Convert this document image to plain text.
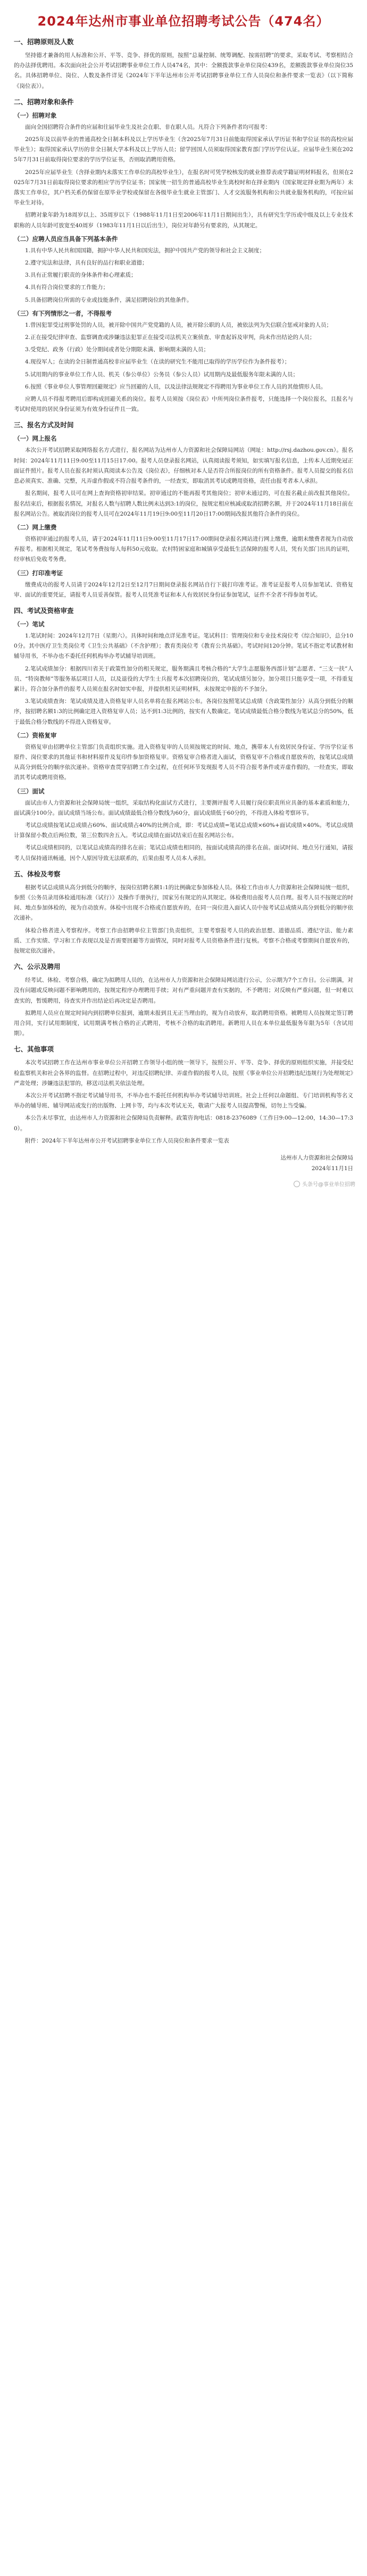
2024年达州市事业单位招聘考试公告（474名）
一、招聘原则及人数
坚持德才兼备的用人标准和公开、平等、竞争、择优的原则，按照“总量控制、统筹调配、按需招聘”的要求，采取考试、考察相结合的办法择优聘用。本次面向社会公开考试招聘事业单位工作人员474名，其中：全额拨款事业单位岗位439名，差额拨款事业单位岗位35名。具体招聘单位、岗位、人数及条件详见《2024年下半年达州市公开考试招聘事业单位工作人员岗位和条件要求一览表》（以下简称《岗位表》）。
二、招聘对象和条件
（一）招聘对象
面向全国招聘符合条件的应届和往届毕业生及社会在职、非在职人员。凡符合下列条件者均可报考：
2025年及以前毕业的普通高校全日制本科及以上学历毕业生（含2025年7月31日前能取得国家承认学历证书和学位证书的高校应届毕业生）；取得国家承认学历的非全日制大学本科及以上学历人员；留学回国人员须取得国家教育部门学历学位认证。应届毕业生须在2025年7月31日前取得岗位要求的学历学位证书，否则取消聘用资格。
2025年应届毕业生（含择业期内未落实工作单位的高校毕业生），在报名时可凭学校核发的就业推荐表或学籍证明材料报名，但须在2025年7月31日前取得岗位要求的相应学历学位证书；国家统一招生的普通高校毕业生离校时和在择业期内（国家规定择业期为两年）未落实工作单位，其户档关系仍保留在原毕业学校或保留在各级毕业生就业主管部门、人才交流服务机构和公共就业服务机构的，可按应届毕业生对待。
招聘对象年龄为18周岁以上、35周岁以下（1988年11月1日至2006年11月1日期间出生），具有研究生学历或中级及以上专业技术职称的人员年龄可放宽至40周岁（1983年11月1日以后出生），岗位对年龄另有要求的，从其规定。
（二）应聘人员应当具备下列基本条件
1.具有中华人民共和国国籍，拥护中华人民共和国宪法，拥护中国共产党的领导和社会主义制度；
2.遵守宪法和法律，具有良好的品行和职业道德；
3.具有正常履行职责的身体条件和心理素质；
4.具有符合岗位要求的工作能力；
5.具备招聘岗位所需的专业或技能条件，满足招聘岗位的其他条件。
（三）有下列情形之一者，不得报考
1.曾因犯罪受过刑事处罚的人员，被开除中国共产党党籍的人员，被开除公职的人员，被依法列为失信联合惩戒对象的人员；
2.正在接受纪律审查、监察调查或涉嫌违法犯罪正在接受司法机关立案侦查、审查起诉及审判，尚未作出结论的人员；
3.受党纪、政务（行政）处分期间或者处分期限未满、影响期未满的人员；
4.现役军人；在读的全日制普通高校非应届毕业生（在读的研究生不能用已取得的学历学位作为条件报考）；
5.试用期内的事业单位工作人员、机关（参公单位）公务员（参公人员）试用期内及最低服务年限未满的人员；
6.按照《事业单位人事管理回避规定》应当回避的人员，以及法律法规规定不得聘用为事业单位工作人员的其他情形人员。
应聘人员不得报考聘用后即构成回避关系的岗位。报考人员须按《岗位表》中所列岗位条件报考，只能选择一个岗位报名，且报名与考试时使用的居民身份证须为有效身份证件且一致。
三、报名方式及时间
（一）网上报名
本次公开考试招聘采取网络报名方式进行，报名网站为达州市人力资源和社会保障局网站（网址：http://rsj.dazhou.gov.cn）。报名时间：2024年11月11日9:00至11月15日17:00。报考人员登录报名网站，认真阅读报考须知，如实填写报名信息，上传本人近期免冠正面证件照片。报考人员在报名时须认真阅读本公告及《岗位表》，仔细核对本人是否符合所报岗位的所有资格条件。报考人员提交的报名信息必须真实、准确、完整，凡弄虚作假或不符合报考条件的，一经查实，即取消其考试或聘用资格，责任由报考者本人承担。
报名期间，报考人员可在网上查询资格初审结果。初审通过的不能再报考其他岗位；初审未通过的，可在报名截止前改报其他岗位。报名结束后，根据报名情况，对报名人数与招聘人数比例未达到3:1的岗位，按规定相应核减或取消招聘名额，并于2024年11月18日前在报名网站公告。被取消岗位的报考人员可在2024年11月19日9:00至11月20日17:00期间改报其他符合条件的岗位。
（二）网上缴费
资格初审通过的报考人员，请于2024年11月11日9:00至11月17日17:00期间登录报名网站进行网上缴费，逾期未缴费者视为自动放弃报考。根据相关规定，笔试考务费按每人每科50元收取。农村特困家庭和城镇享受最低生活保障的报考人员，凭有关部门出具的证明，经审核后免收考务费。
（三）打印准考证
缴费成功的报考人员请于2024年12月2日至12月7日期间登录报名网站自行下载打印准考证。准考证是报考人员参加笔试、资格复审、面试的重要凭证，请报考人员妥善保管。报考人员凭准考证和本人有效居民身份证参加笔试，证件不全者不得参加考试。
四、考试及资格审查
（一）笔试
1.笔试时间：2024年12月7日（星期六）。具体时间和地点详见准考证。笔试科目：管理岗位和专业技术岗位考《综合知识》，总分100分。其中医疗卫生类岗位考《卫生公共基础》（不含护理）；教育类岗位考《教育公共基础》。考试时间120分钟。笔试不指定考试教材和辅导用书，不举办也不委托任何机构举办考试辅导培训班。
2.笔试成绩加分：根据四川省关于政策性加分的相关规定，服务期满且考核合格的“大学生志愿服务西部计划”志愿者、“三支一扶”人员、“特岗教师”等服务基层项目人员，以及退役的大学生士兵报考本次招聘岗位的，笔试成绩另加分。加分项目只能享受一项，不得重复累计。符合加分条件的报考人员须在报名时如实申报，并提供相关证明材料，未按规定申报的不予加分。
3.笔试成绩查询：笔试成绩及进入资格复审人员名单将在报名网站公布。各岗位按照笔试总成绩（含政策性加分）从高分到低分的顺序，按招聘名额1:3的比例确定进入资格复审人员；达不到1:3比例的，按实有人数确定。笔试成绩最低合格分数线为笔试总分的50%，低于最低合格分数线的不得进入资格复审。
（二）资格复审
资格复审由招聘单位主管部门负责组织实施。进入资格复审的人员须按规定的时间、地点，携带本人有效居民身份证、学历学位证书原件、岗位要求的其他证书和材料原件及复印件参加资格复审。资格复审合格者进入面试，资格复审不合格或自愿放弃的，按笔试总成绩从高分到低分的顺序依次递补。资格审查贯穿招聘工作全过程，在任何环节发现报考人员不符合报考条件或弄虚作假的，一经查实，即取消其考试或聘用资格。
（三）面试
面试由市人力资源和社会保障局统一组织，采取结构化面试方式进行，主要测评报考人员履行岗位职责所应具备的基本素质和能力，面试满分100分。面试成绩当场公布。面试成绩最低合格分数线为60分，面试成绩低于60分的，不得进入体检考察环节。
考试总成绩按笔试总成绩占60%、面试成绩占40%的比例合成，即：考试总成绩=笔试总成绩×60%+面试成绩×40%。考试总成绩计算保留小数点后两位数，第三位数四舍五入。考试总成绩在面试结束后在报名网站公布。
考试总成绩相同的，以笔试总成绩高的排名在前；笔试总成绩也相同的，按面试成绩高的排名在前。面试时间、地点另行通知，请报考人员保持通讯畅通，因个人原因导致无法联系的，后果由报考人员本人承担。
五、体检及考察
根据考试总成绩从高分到低分的顺序，按岗位招聘名额1:1的比例确定参加体检人员。体检工作由市人力资源和社会保障局统一组织，参照《公务员录用体检通用标准（试行）》及操作手册执行，国家另有规定的从其规定。体检费用由报考人员自理。报考人员不按规定的时间、地点参加体检的，视为自动放弃。体检中出现不合格或自愿放弃的，在同一岗位进入面试人员中按考试总成绩从高分到低分的顺序依次递补。
体检合格者进入考察程序。考察工作由招聘单位主管部门负责组织，主要考察报考人员的政治思想、道德品质、遵纪守法、能力素质、工作实绩、学习和工作表现以及是否需要回避等方面情况，同时对报考人员资格条件进行复核。考察不合格或考察期间自愿放弃的，按规定依次递补。
六、公示及聘用
经考试、体检、考察合格，确定为拟聘用人员的，在达州市人力资源和社会保障局网站进行公示，公示期为7个工作日。公示期满，对没有问题或反映问题不影响聘用的，按规定程序办理聘用手续；对有严重问题并查有实据的，不予聘用；对反映有严重问题，但一时难以查实的，暂缓聘用，待查实并作出结论后再决定是否聘用。
拟聘用人员应在规定时间内到招聘单位报到，逾期未报到且无正当理由的，视为自动放弃，取消聘用资格。被聘用人员按规定签订聘用合同，实行试用期制度，试用期满考核合格的正式聘用，考核不合格的取消聘用。新聘用人员在本单位最低服务年限为5年（含试用期）。
七、其他事项
本次考试招聘工作在达州市事业单位公开招聘工作领导小组的统一领导下，按照公开、平等、竞争、择优的原则组织实施，并接受纪检监察机关和社会各界的监督。在招聘过程中，对违反招聘纪律、弄虚作假的报考人员，按照《事业单位公开招聘违纪违规行为处理规定》严肃处理；涉嫌违法犯罪的，移送司法机关依法处理。
本次公开考试招聘不指定考试辅导用书，不举办也不委托任何机构举办考试辅导培训班。社会上任何以命题组、专门培训机构等名义举办的辅导班、辅导网站或发行的出版物、上网卡等，均与本次考试无关，敬请广大报考人员提高警惕，切勿上当受骗。
本公告未尽事宜，由达州市人力资源和社会保障局负责解释。政策咨询电话：0818-2376089（工作日9:00—12:00，14:30—17:30）。
附件：2024年下半年达州市公开考试招聘事业单位工作人员岗位和条件要求一览表
达州市人力资源和社会保障局
2024年11月1日
头条号@事业单位招聘
